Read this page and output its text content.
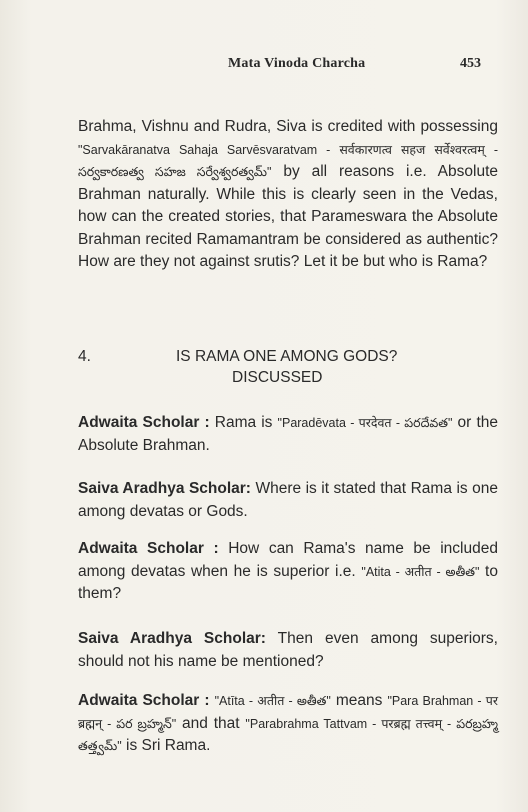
Mata Vinoda Charcha	453
Brahma, Vishnu and Rudra, Siva is credited with possessing "Sarvakāranatva Sahaja Sarvēsvaratvam - सर्वकारणत्व सहज सर्वेश्वरत्वम् - సర్వకారణత్వ సహజ సర్వేశ్వరత్వమ్" by all reasons i.e. Absolute Brahman naturally. While this is clearly seen in the Vedas, how can the created stories, that Parameswara the Absolute Brahman recited Ramamantram be considered as authentic? How are they not against srutis? Let it be but who is Rama?
4.	IS RAMA ONE AMONG GODS?
DISCUSSED
Adwaita Scholar : Rama is "Paradēvata - परदेवत - పరదేవత" or the Absolute Brahman.
Saiva Aradhya Scholar: Where is it stated that Rama is one among devatas or Gods.
Adwaita Scholar : How can Rama's name be included among devatas when he is superior i.e. "Atita - अतीत - అతీత" to them?
Saiva Aradhya Scholar: Then even among superiors, should not his name be mentioned?
Adwaita Scholar : "Atīta - अतीत - అతీత" means "Para Brahman - पर ब्रह्मन् - పర బ్రహ్మన్" and that "Parabrahma Tattvam - परब्रह्म तत्त्वम् - పరబ్రహ్మ తత్త్వమ్" is Sri Rama.
